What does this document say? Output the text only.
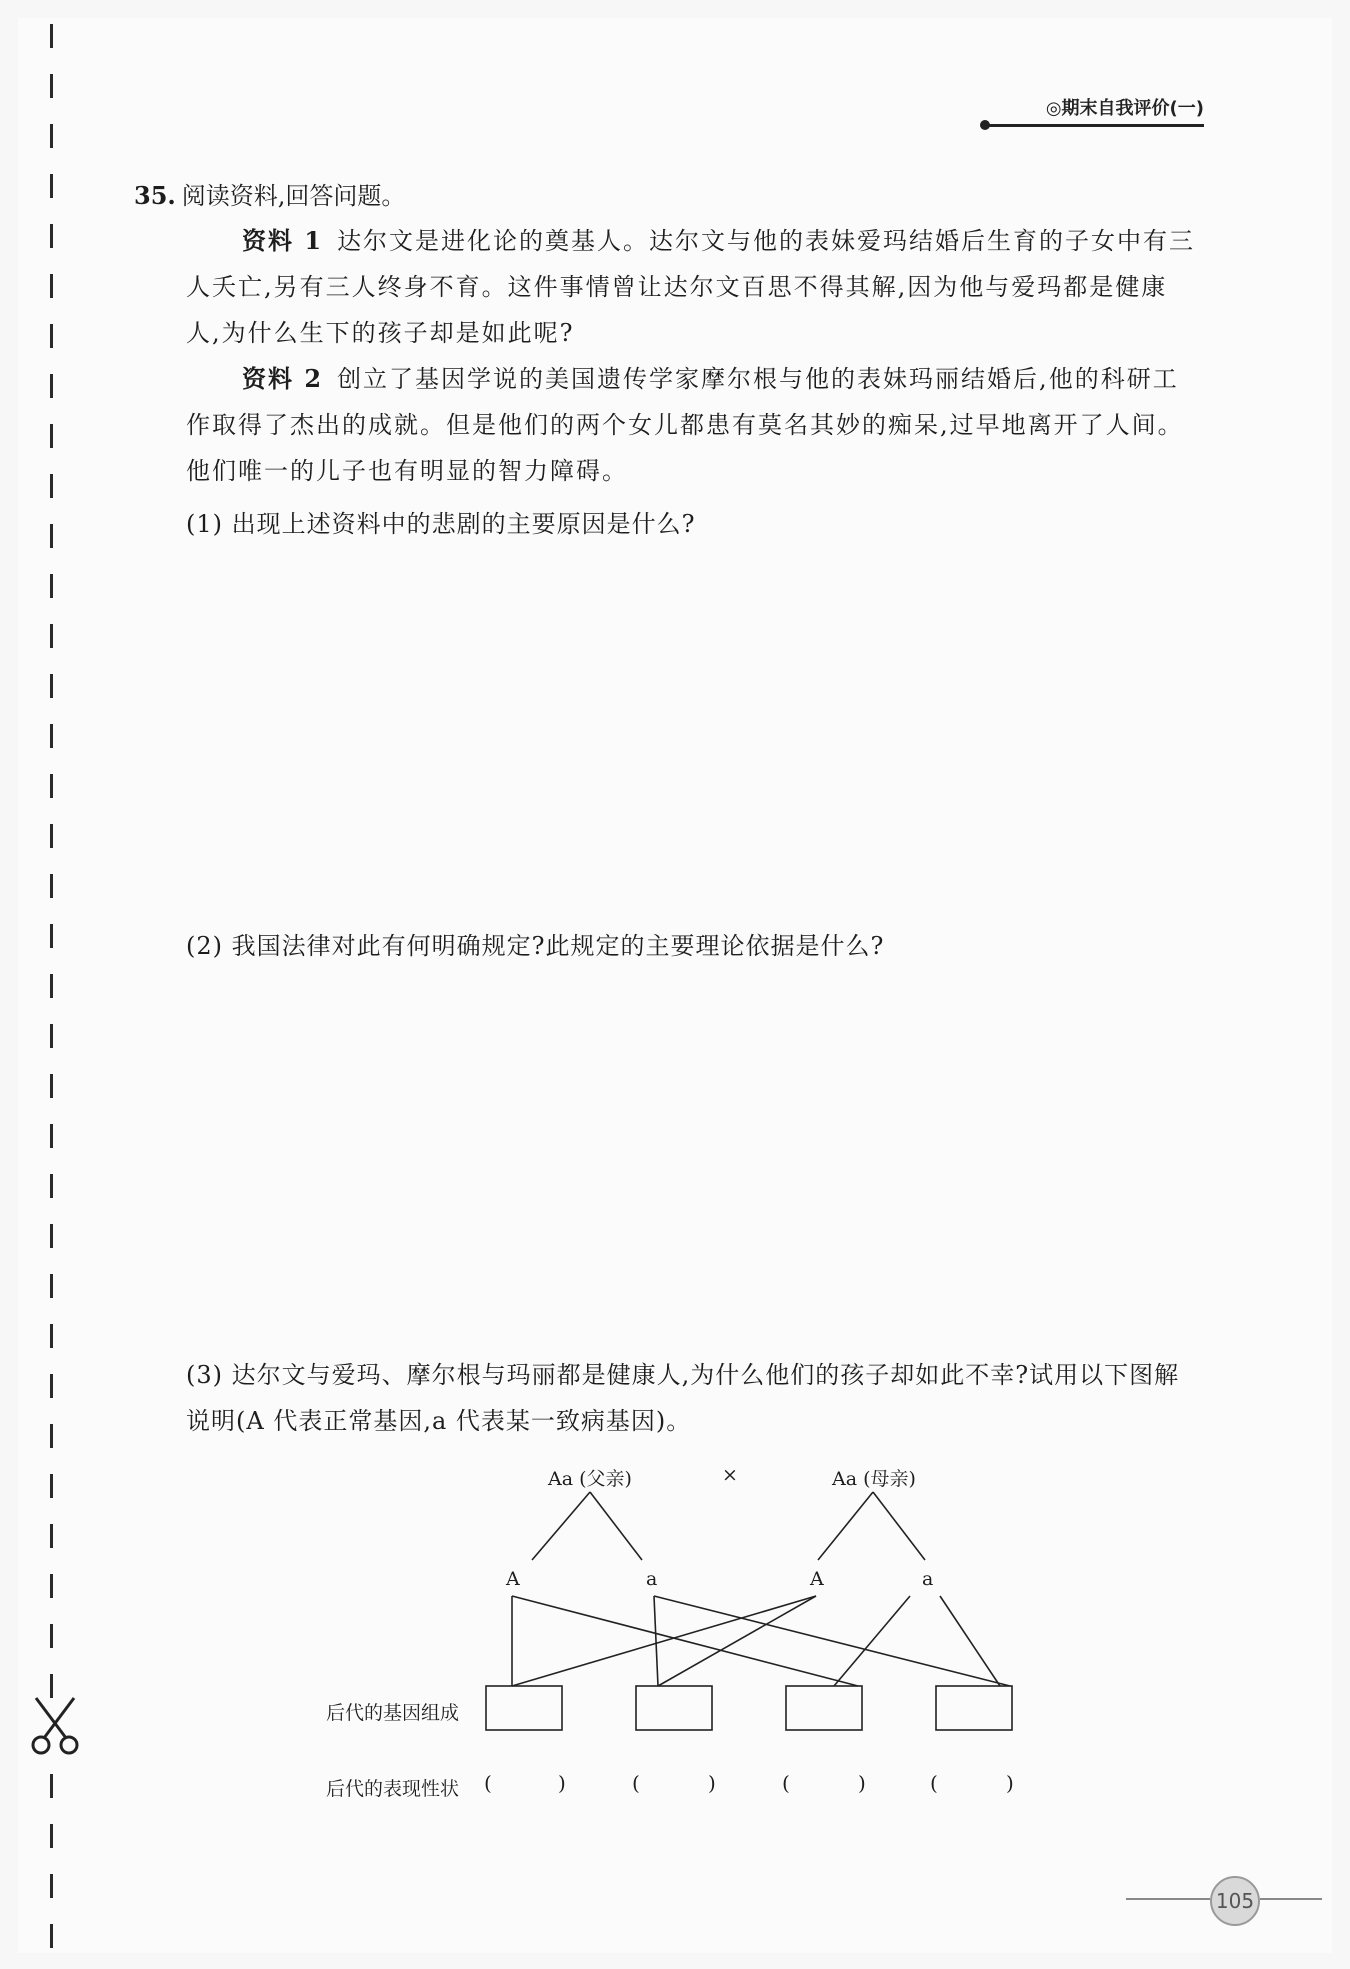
◎期末自我评价(一)
35. 阅读资料,回答问题。
资料 1 达尔文是进化论的奠基人。达尔文与他的表妹爱玛结婚后生育的子女中有三人夭亡,另有三人终身不育。这件事情曾让达尔文百思不得其解,因为他与爱玛都是健康人,为什么生下的孩子却是如此呢?
资料 2 创立了基因学说的美国遗传学家摩尔根与他的表妹玛丽结婚后,他的科研工作取得了杰出的成就。但是他们的两个女儿都患有莫名其妙的痴呆,过早地离开了人间。他们唯一的儿子也有明显的智力障碍。
(1) 出现上述资料中的悲剧的主要原因是什么?
(2) 我国法律对此有何明确规定?此规定的主要理论依据是什么?
(3) 达尔文与爱玛、摩尔根与玛丽都是健康人,为什么他们的孩子却如此不幸?试用以下图解说明(A 代表正常基因,a 代表某一致病基因)。
Aa (父亲)	×	Aa (母亲)
A	a	A	a
后代的基因组成
后代的表现性状 (	)	(	)	(	)	(	)
105
